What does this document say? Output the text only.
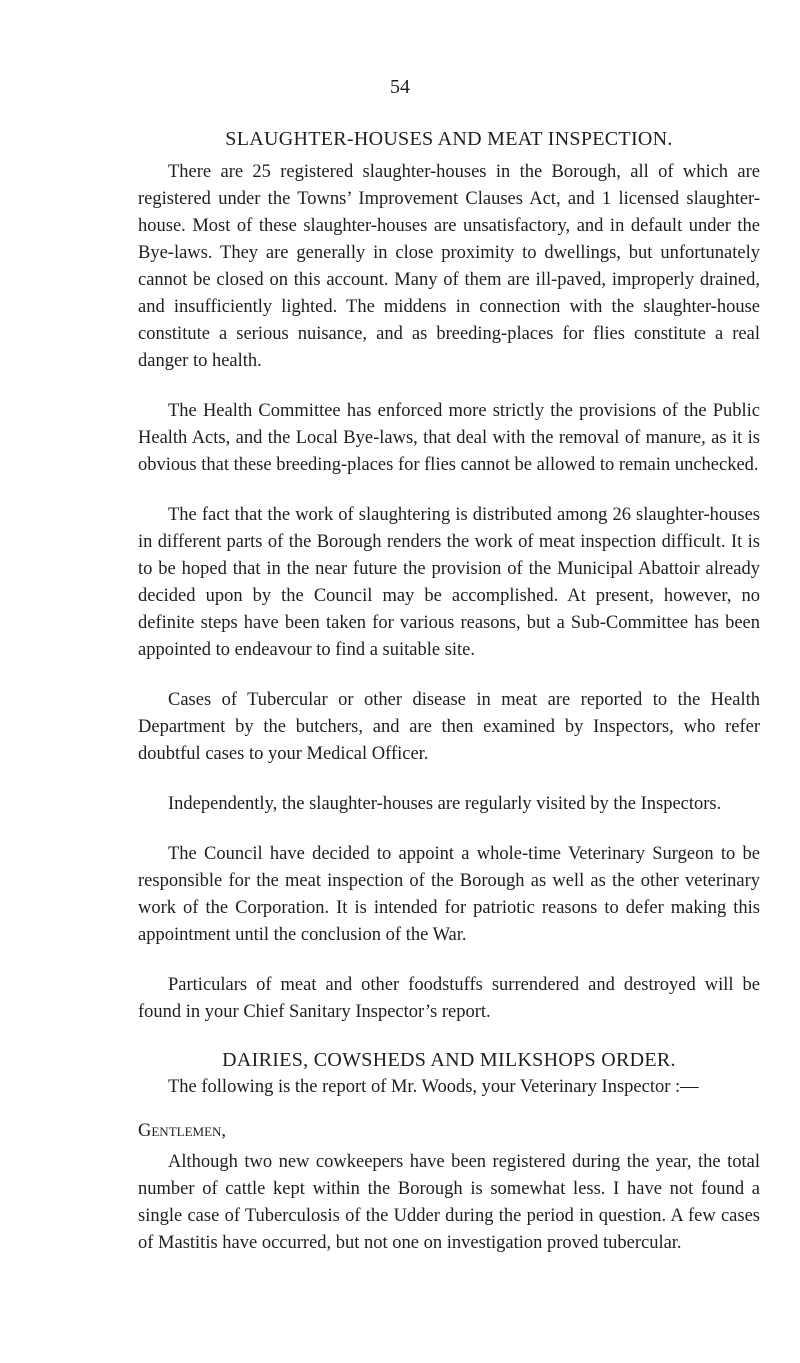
54
SLAUGHTER-HOUSES AND MEAT INSPECTION.

There are 25 registered slaughter-houses in the Borough, all of which are registered under the Towns’ Improvement Clauses Act, and 1 licensed slaughter-house. Most of these slaughter-houses are unsatisfactory, and in default under the Bye-laws. They are generally in close proximity to dwellings, but unfortunately cannot be closed on this account. Many of them are ill-paved, improperly drained, and insufficiently lighted. The middens in connection with the slaughter-house constitute a serious nuisance, and as breeding-places for flies constitute a real danger to health.

The Health Committee has enforced more strictly the provisions of the Public Health Acts, and the Local Bye-laws, that deal with the removal of manure, as it is obvious that these breeding-places for flies cannot be allowed to remain unchecked.

The fact that the work of slaughtering is distributed among 26 slaughter-houses in different parts of the Borough renders the work of meat inspection difficult. It is to be hoped that in the near future the provision of the Municipal Abattoir already decided upon by the Council may be accomplished. At present, however, no definite steps have been taken for various reasons, but a Sub-Committee has been appointed to endeavour to find a suitable site.

Cases of Tubercular or other disease in meat are reported to the Health Department by the butchers, and are then examined by Inspectors, who refer doubtful cases to your Medical Officer.

Independently, the slaughter-houses are regularly visited by the Inspectors.

The Council have decided to appoint a whole-time Veterinary Surgeon to be responsible for the meat inspection of the Borough as well as the other veterinary work of the Corporation. It is intended for patriotic reasons to defer making this appointment until the conclusion of the War.

Particulars of meat and other foodstuffs surrendered and destroyed will be found in your Chief Sanitary Inspector’s report.

DAIRIES, COWSHEDS AND MILKSHOPS ORDER.

The following is the report of Mr. Woods, your Veterinary Inspector :—

Gentlemen,

Although two new cowkeepers have been registered during the year, the total number of cattle kept within the Borough is somewhat less. I have not found a single case of Tuberculosis of the Udder during the period in question. A few cases of Mastitis have occurred, but not one on investigation proved tubercular.
